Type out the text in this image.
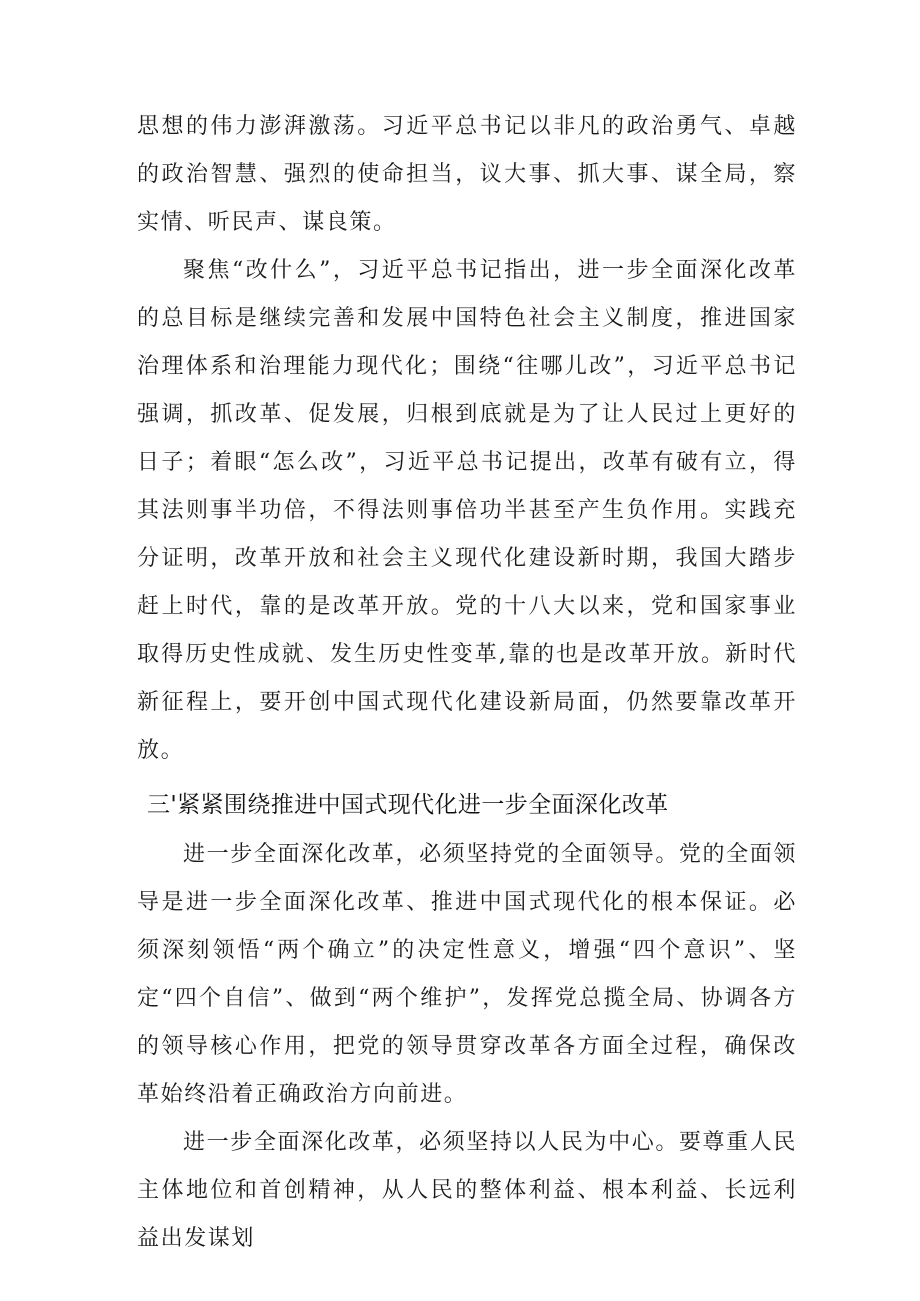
思想的伟力澎湃激荡。习近平总书记以非凡的政治勇气、卓越的政治智慧、强烈的使命担当，议大事、抓大事、谋全局，察实情、听民声、谋良策。

聚焦“改什么”，习近平总书记指出，进一步全面深化改革的总目标是继续完善和发展中国特色社会主义制度，推进国家治理体系和治理能力现代化；围绕“往哪儿改”，习近平总书记强调，抓改革、促发展，归根到底就是为了让人民过上更好的日子；着眼“怎么改”，习近平总书记提出，改革有破有立，得其法则事半功倍，不得法则事倍功半甚至产生负作用。实践充分证明，改革开放和社会主义现代化建设新时期，我国大踏步赶上时代，靠的是改革开放。党的十八大以来，党和国家事业取得历史性成就、发生历史性变革,靠的也是改革开放。新时代新征程上，要开创中国式现代化建设新局面，仍然要靠改革开放。

三'紧紧围绕推进中国式现代化进一步全面深化改革

进一步全面深化改革，必须坚持党的全面领导。党的全面领导是进一步全面深化改革、推进中国式现代化的根本保证。必须深刻领悟“两个确立”的决定性意义，增强“四个意识”、坚定“四个自信”、做到“两个维护”，发挥党总揽全局、协调各方的领导核心作用，把党的领导贯穿改革各方面全过程，确保改革始终沿着正确政治方向前进。

进一步全面深化改革，必须坚持以人民为中心。要尊重人民主体地位和首创精神，从人民的整体利益、根本利益、长远利益出发谋划
